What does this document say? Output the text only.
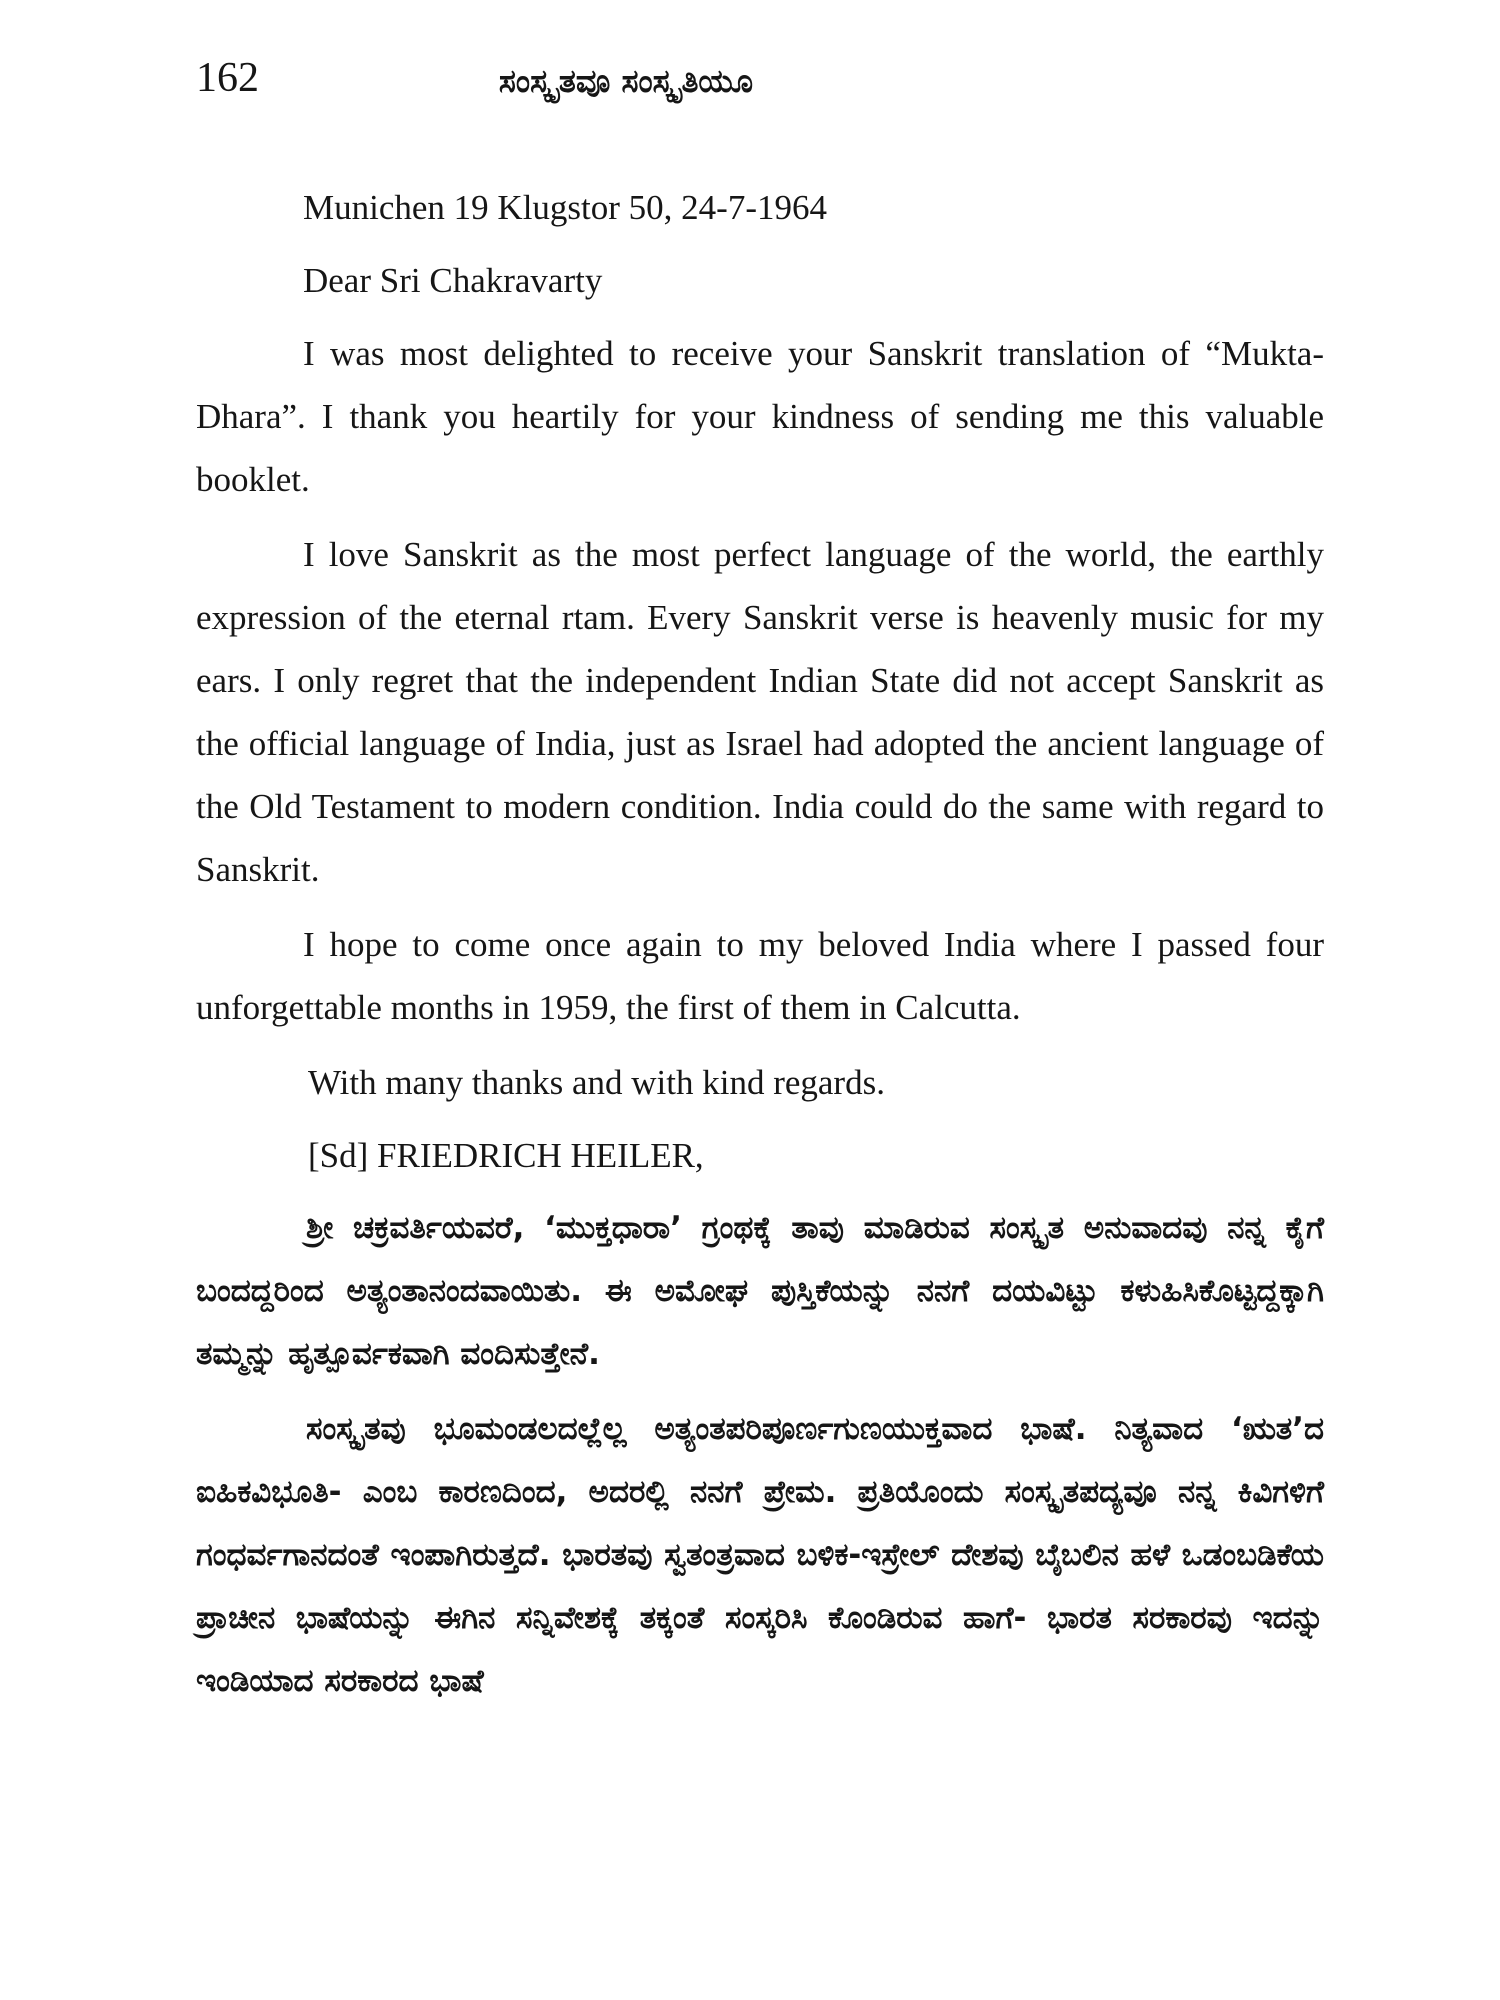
162	ಸಂಸ್ಕೃತವೂ ಸಂಸ್ಕೃತಿಯೂ

Munichen 19 Klugstor 50, 24-7-1964

Dear Sri Chakravarty

I was most delighted to receive your Sanskrit translation of “Mukta-Dhara”. I thank you heartily for your kindness of sending me this valuable booklet.

I love Sanskrit as the most perfect language of the world, the earthly expression of the eternal rtam. Every Sanskrit verse is heavenly music for my ears. I only regret that the independent Indian State did not accept Sanskrit as the official language of India, just as Israel had adopted the ancient language of the Old Testament to modern condition. India could do the same with regard to Sanskrit.

I hope to come once again to my beloved India where I passed four unforgettable months in 1959, the first of them in Calcutta.

With many thanks and with kind regards.

[Sd] FRIEDRICH HEILER,

ಶ್ರೀ ಚಕ್ರವರ್ತಿಯವರೆ, ‘ಮುಕ್ತಧಾರಾ’ ಗ್ರಂಥಕ್ಕೆ ತಾವು ಮಾಡಿರುವ ಸಂಸ್ಕೃತ ಅನುವಾದವು ನನ್ನ ಕೈಗೆ ಬಂದದ್ದರಿಂದ ಅತ್ಯಂತಾನಂದವಾಯಿತು. ಈ ಅಮೋಘ ಪುಸ್ತಿಕೆಯನ್ನು ನನಗೆ ದಯವಿಟ್ಟು ಕಳುಹಿಸಿಕೊಟ್ಟದ್ದಕ್ಕಾಗಿ ತಮ್ಮನ್ನು ಹೃತ್ಪೂರ್ವಕವಾಗಿ ವಂದಿಸುತ್ತೇನೆ.

ಸಂಸ್ಕೃತವು ಭೂಮಂಡಲದಲ್ಲೆಲ್ಲ ಅತ್ಯಂತಪರಿಪೂರ್ಣಗುಣಯುಕ್ತವಾದ ಭಾಷೆ. ನಿತ್ಯವಾದ ‘ಋತ’ದ ಐಹಿಕವಿಭೂತಿ- ಎಂಬ ಕಾರಣದಿಂದ, ಅದರಲ್ಲಿ ನನಗೆ ಪ್ರೇಮ. ಪ್ರತಿಯೊಂದು ಸಂಸ್ಕೃತಪದ್ಯವೂ ನನ್ನ ಕಿವಿಗಳಿಗೆ ಗಂಧರ್ವಗಾನದಂತೆ ಇಂಪಾಗಿರುತ್ತದೆ. ಭಾರತವು ಸ್ವತಂತ್ರವಾದ ಬಳಿಕ-ಇಸ್ರೇಲ್ ದೇಶವು ಬೈಬಲಿನ ಹಳೆ ಒಡಂಬಡಿಕೆಯ ಪ್ರಾಚೀನ ಭಾಷೆಯನ್ನು ಈಗಿನ ಸನ್ನಿವೇಶಕ್ಕೆ ತಕ್ಕಂತೆ ಸಂಸ್ಕರಿಸಿ ಕೊಂಡಿರುವ ಹಾಗೆ- ಭಾರತ ಸರಕಾರವು ಇದನ್ನು ಇಂಡಿಯಾದ ಸರಕಾರದ ಭಾಷೆ
